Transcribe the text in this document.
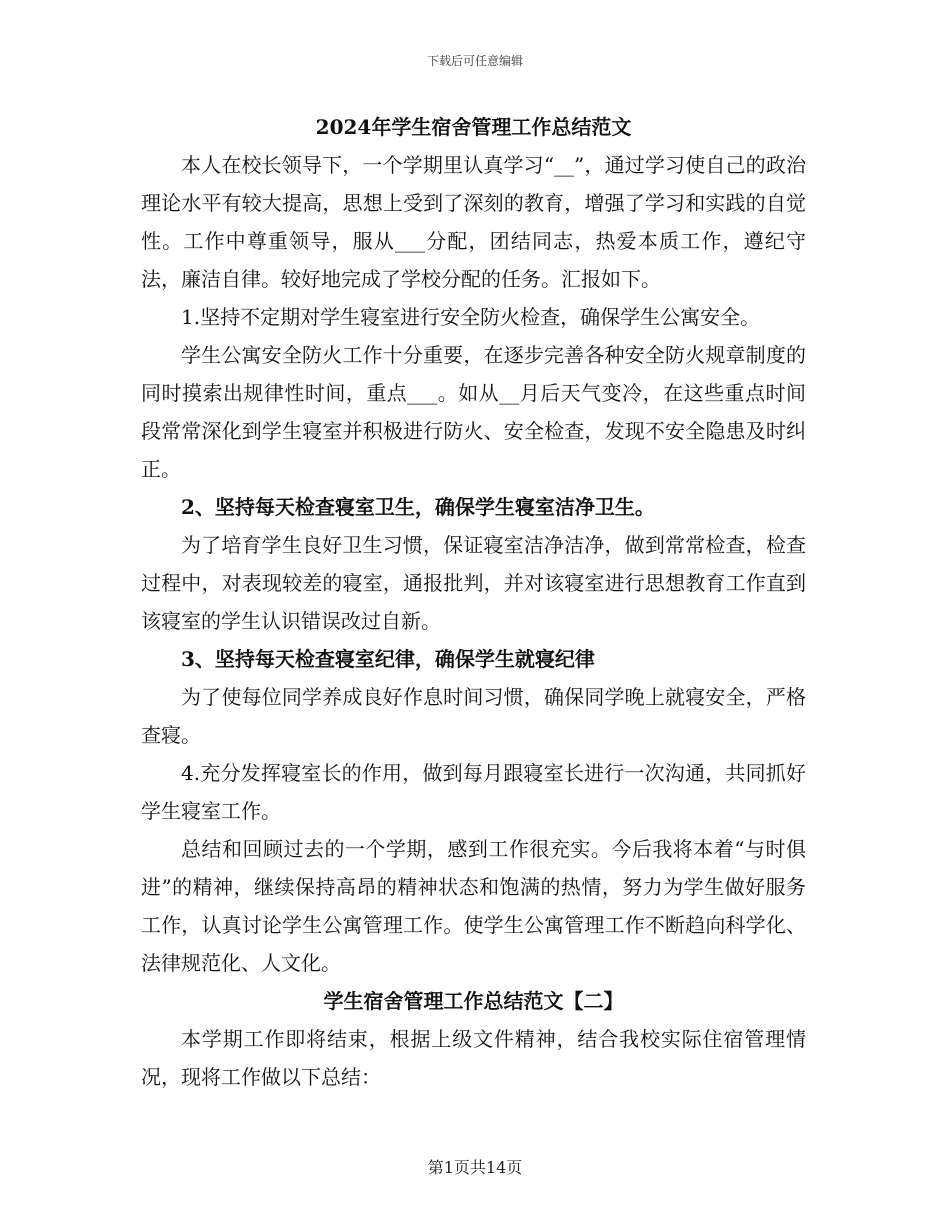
下载后可任意编辑
2024年学生宿舍管理工作总结范文

本人在校长领导下，一个学期里认真学习“__”，通过学习使自己的政治理论水平有较大提高，思想上受到了深刻的教育，增强了学习和实践的自觉性。工作中尊重领导，服从___分配，团结同志，热爱本质工作，遵纪守法，廉洁自律。较好地完成了学校分配的任务。汇报如下。

1.坚持不定期对学生寝室进行安全防火检查，确保学生公寓安全。

学生公寓安全防火工作十分重要，在逐步完善各种安全防火规章制度的同时摸索出规律性时间，重点___。如从__月后天气变冷，在这些重点时间段常常深化到学生寝室并积极进行防火、安全检查，发现不安全隐患及时纠正。

2、坚持每天检查寝室卫生，确保学生寝室洁净卫生。

为了培育学生良好卫生习惯，保证寝室洁净洁净，做到常常检查，检查过程中，对表现较差的寝室，通报批判，并对该寝室进行思想教育工作直到该寝室的学生认识错误改过自新。

3、坚持每天检查寝室纪律，确保学生就寝纪律

为了使每位同学养成良好作息时间习惯，确保同学晚上就寝安全，严格查寝。

4.充分发挥寝室长的作用，做到每月跟寝室长进行一次沟通，共同抓好学生寝室工作。

总结和回顾过去的一个学期，感到工作很充实。今后我将本着“与时俱进”的精神，继续保持高昂的精神状态和饱满的热情，努力为学生做好服务工作，认真讨论学生公寓管理工作。使学生公寓管理工作不断趋向科学化、法律规范化、人文化。

学生宿舍管理工作总结范文【二】

本学期工作即将结束，根据上级文件精神，结合我校实际住宿管理情况，现将工作做以下总结：

第1页共14页
